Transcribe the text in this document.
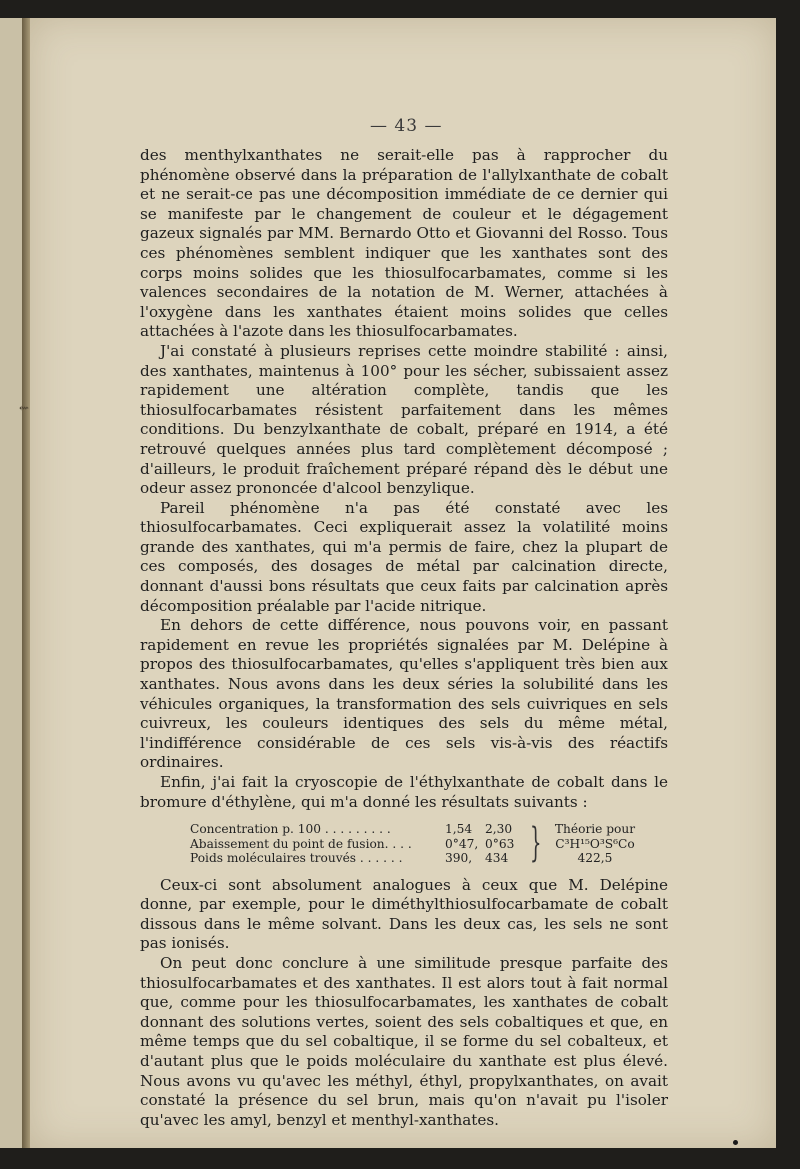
— 43 —

des menthylxanthates ne serait-elle pas à rapprocher du phénomène observé dans la préparation de l'allylxanthate de cobalt et ne serait-ce pas une décomposition immédiate de ce dernier qui se manifeste par le changement de couleur et le dégagement gazeux signalés par MM. Bernardo Otto et Giovanni del Rosso. Tous ces phénomènes semblent indiquer que les xanthates sont des corps moins solides que les thiosulfocarbamates, comme si les valences secondaires de la notation de M. Werner, attachées à l'oxygène dans les xanthates étaient moins solides que celles attachées à l'azote dans les thiosulfocarbamates.

J'ai constaté à plusieurs reprises cette moindre stabilité : ainsi, des xanthates, maintenus à 100° pour les sécher, subissaient assez rapidement une altération complète, tandis que les thiosulfocarbamates résistent parfaitement dans les mêmes conditions. Du benzylxanthate de cobalt, préparé en 1914, a été retrouvé quelques années plus tard complètement décomposé ; d'ailleurs, le produit fraîchement préparé répand dès le début une odeur assez prononcée d'alcool benzylique.

Pareil phénomène n'a pas été constaté avec les thiosulfocarbamates. Ceci expliquerait assez la volatilité moins grande des xanthates, qui m'a permis de faire, chez la plupart de ces composés, des dosages de métal par calcination directe, donnant d'aussi bons résultats que ceux faits par calcination après décomposition préalable par l'acide nitrique.

En dehors de cette différence, nous pouvons voir, en passant rapidement en revue les propriétés signalées par M. Delépine à propos des thiosulfocarbamates, qu'elles s'appliquent très bien aux xanthates. Nous avons dans les deux séries la solubilité dans les véhicules organiques, la transformation des sels cuivriques en sels cuivreux, les couleurs identiques des sels du même métal, l'indifférence considérable de ces sels vis-à-vis des réactifs ordinaires.

Enfin, j'ai fait la cryoscopie de l'éthylxanthate de cobalt dans le bromure d'éthylène, qui m'a donné les résultats suivants :

Concentration p. 100 . . . . . . . . .	1,54	2,30	Théorie pour
Abaissement du point de fusion. . . .	0°47, 0°63	C³H¹⁵O³S⁶Co
Poids moléculaires trouvés . . . . . .	390,	434	422,5
}

Ceux-ci sont absolument analogues à ceux que M. Delépine donne, par exemple, pour le diméthylthiosulfocarbamate de cobalt dissous dans le même solvant. Dans les deux cas, les sels ne sont pas ionisés.

On peut donc conclure à une similitude presque parfaite des thiosulfocarbamates et des xanthates. Il est alors tout à fait normal que, comme pour les thiosulfocarbamates, les xanthates de cobalt donnant des solutions vertes, soient des sels cobaltiques et que, en même temps que du sel cobaltique, il se forme du sel cobalteux, et d'autant plus que le poids moléculaire du xanthate est plus élevé. Nous avons vu qu'avec les méthyl, éthyl, propylxanthates, on avait constaté la présence du sel brun, mais qu'on n'avait pu l'isoler qu'avec les amyl, benzyl et menthyl-xanthates.

⇜
